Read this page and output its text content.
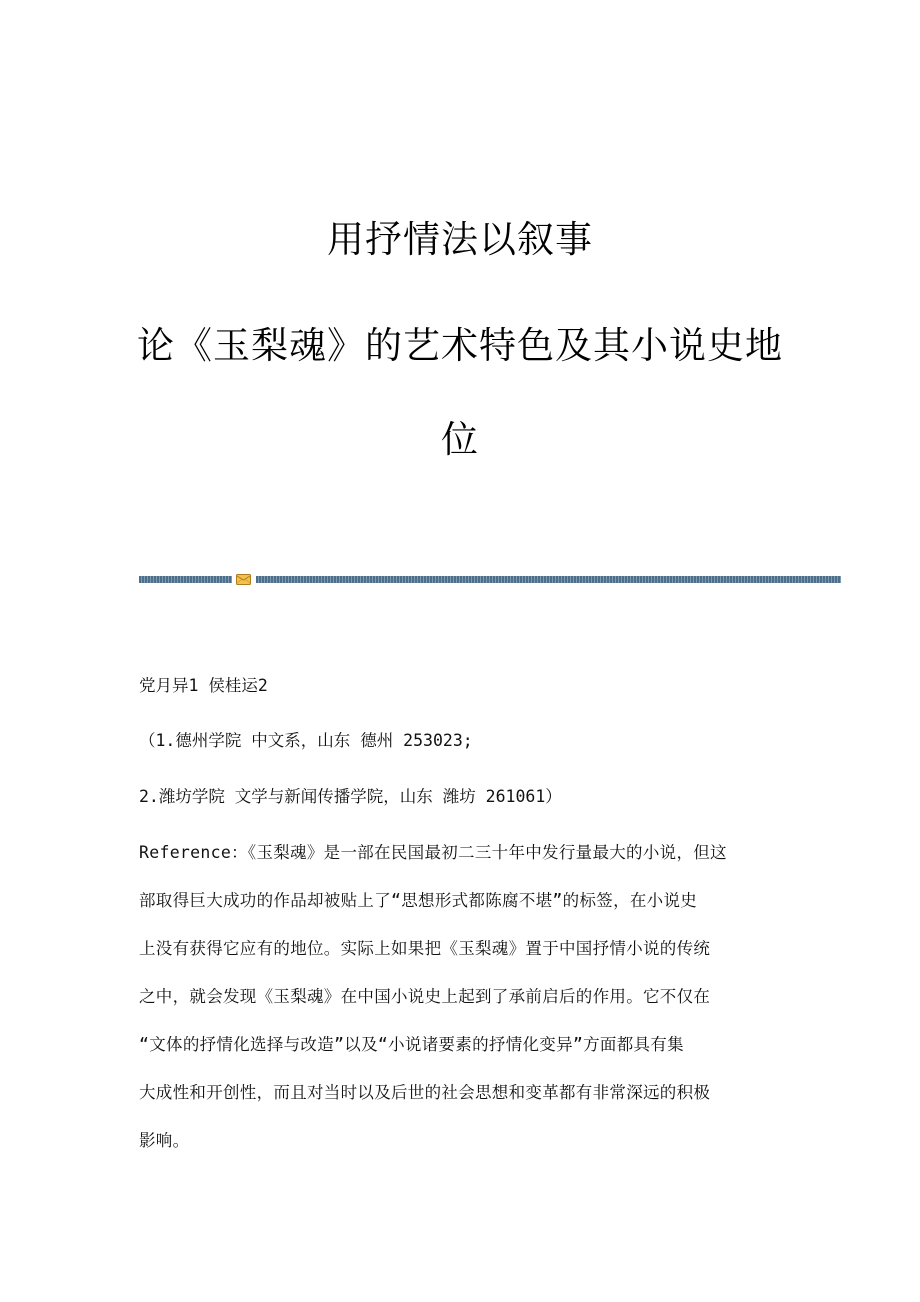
用抒情法以叙事
论《玉梨魂》的艺术特色及其小说史地
位
党月异1 侯桂运2
（1.德州学院 中文系，山东 德州 253023;
2.潍坊学院 文学与新闻传播学院，山东 潍坊 261061）
Reference：《玉梨魂》是一部在民国最初二三十年中发行量最大的小说，但这
部取得巨大成功的作品却被贴上了“思想形式都陈腐不堪”的标签，在小说史
上没有获得它应有的地位。实际上如果把《玉梨魂》置于中国抒情小说的传统
之中，就会发现《玉梨魂》在中国小说史上起到了承前启后的作用。它不仅在
“文体的抒情化选择与改造”以及“小说诸要素的抒情化变异”方面都具有集
大成性和开创性，而且对当时以及后世的社会思想和变革都有非常深远的积极
影响。
